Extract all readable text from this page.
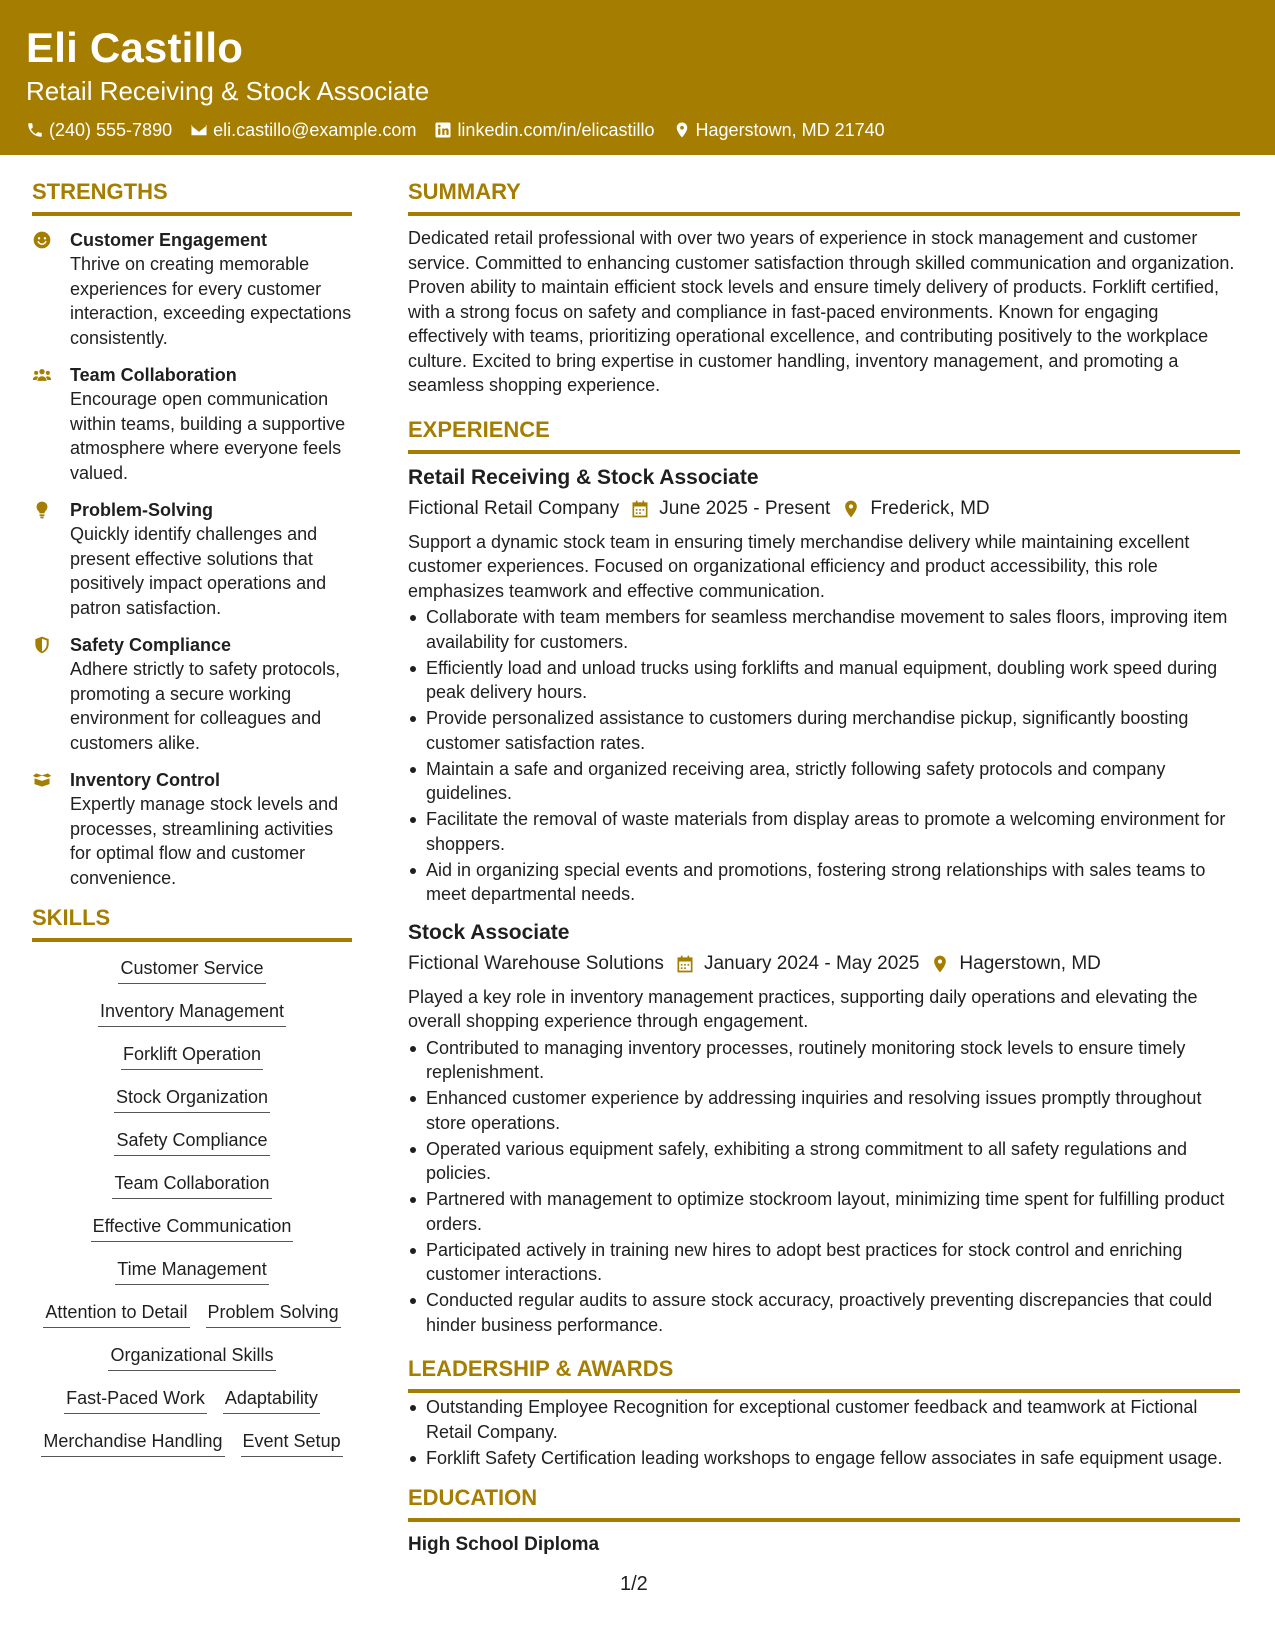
Eli Castillo
Retail Receiving & Stock Associate
(240) 555-7890 eli.castillo@example.com linkedin.com/in/elicastillo Hagerstown, MD 21740
STRENGTHS
Customer Engagement
Thrive on creating memorable experiences for every customer interaction, exceeding expectations consistently.
Team Collaboration
Encourage open communication within teams, building a supportive atmosphere where everyone feels valued.
Problem-Solving
Quickly identify challenges and present effective solutions that positively impact operations and patron satisfaction.
Safety Compliance
Adhere strictly to safety protocols, promoting a secure working environment for colleagues and customers alike.
Inventory Control
Expertly manage stock levels and processes, streamlining activities for optimal flow and customer convenience.
SKILLS
Customer Service
Inventory Management
Forklift Operation
Stock Organization
Safety Compliance
Team Collaboration
Effective Communication
Time Management
Attention to Detail Problem Solving
Organizational Skills
Fast-Paced Work Adaptability
Merchandise Handling Event Setup
SUMMARY
Dedicated retail professional with over two years of experience in stock management and customer service. Committed to enhancing customer satisfaction through skilled communication and organization. Proven ability to maintain efficient stock levels and ensure timely delivery of products. Forklift certified, with a strong focus on safety and compliance in fast-paced environments. Known for engaging effectively with teams, prioritizing operational excellence, and contributing positively to the workplace culture. Excited to bring expertise in customer handling, inventory management, and promoting a seamless shopping experience.
EXPERIENCE
Retail Receiving & Stock Associate
Fictional Retail Company June 2025 - Present Frederick, MD
Support a dynamic stock team in ensuring timely merchandise delivery while maintaining excellent customer experiences. Focused on organizational efficiency and product accessibility, this role emphasizes teamwork and effective communication.
Collaborate with team members for seamless merchandise movement to sales floors, improving item availability for customers.
Efficiently load and unload trucks using forklifts and manual equipment, doubling work speed during peak delivery hours.
Provide personalized assistance to customers during merchandise pickup, significantly boosting customer satisfaction rates.
Maintain a safe and organized receiving area, strictly following safety protocols and company guidelines.
Facilitate the removal of waste materials from display areas to promote a welcoming environment for shoppers.
Aid in organizing special events and promotions, fostering strong relationships with sales teams to meet departmental needs.
Stock Associate
Fictional Warehouse Solutions January 2024 - May 2025 Hagerstown, MD
Played a key role in inventory management practices, supporting daily operations and elevating the overall shopping experience through engagement.
Contributed to managing inventory processes, routinely monitoring stock levels to ensure timely replenishment.
Enhanced customer experience by addressing inquiries and resolving issues promptly throughout store operations.
Operated various equipment safely, exhibiting a strong commitment to all safety regulations and policies.
Partnered with management to optimize stockroom layout, minimizing time spent for fulfilling product orders.
Participated actively in training new hires to adopt best practices for stock control and enriching customer interactions.
Conducted regular audits to assure stock accuracy, proactively preventing discrepancies that could hinder business performance.
LEADERSHIP & AWARDS
Outstanding Employee Recognition for exceptional customer feedback and teamwork at Fictional Retail Company.
Forklift Safety Certification leading workshops to engage fellow associates in safe equipment usage.
EDUCATION
High School Diploma
1/2
